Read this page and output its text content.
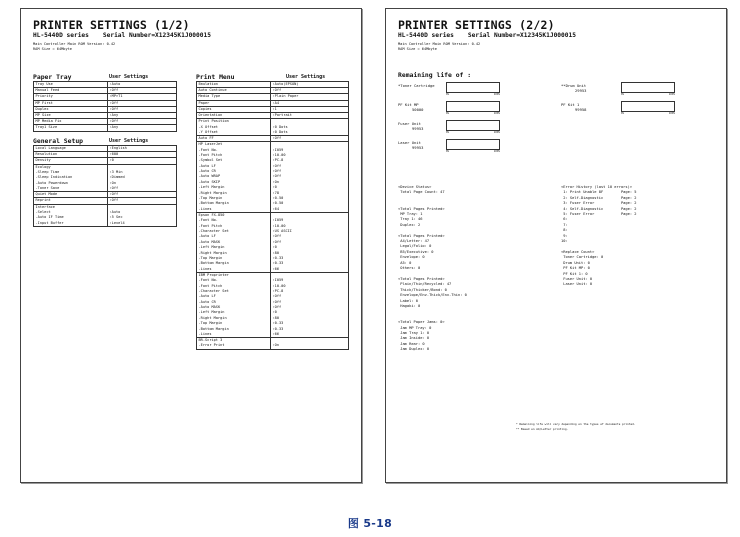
PRINTER SETTINGS (1/2)
HL-5440D series Serial Number=X12345K1J000015
Main Controller Main ROM Version: 0.42
RAM Size = 64Mbyte
Paper Tray	User Settings
Tray Use	:Auto
Manual Feed	:Off
Priority	:MP>T1
MP First	:Off
Duplex	:Off
MP Size	:Any
MP Media Fix	:Off
Tray1 Size	:Any
General Setup	User Settings
Local Language	:English
Resolution	:600
Density	:0
Ecology	
-Sleep Time	:3 Min
-Sleep Indication	:Dimmed
-Auto Powerdown	:On
-Toner Save	:Off
Quiet Mode	:Off
Reprint	:Off
Interface	
-Select	:Auto
-Auto IF Time	:5 Sec
-Input Buffer	:Level4
Print Menu	User Settings
Emulation	:Auto(EPSON)
Auto Continue	:Off
Media Type	:Plain Paper
Paper	:A4
Copies	:1
Orientation	:Portrait
Print Position	
-X Offset	:0 Dots
-Y Offset	:0 Dots
Auto FF	:Off
HP LaserJet	
-Font No.	:I059
-Font Pitch	:10.00
-Symbol Set	:PC-8
-Auto LF	:Off
-Auto CR	:Off
-Auto WRAP	:Off
-Auto SKIP	:On
-Left Margin	:0
-Right Margin	:78
-Top Margin	:0.50
-Bottom Margin	:0.50
-Lines	:64
Epson FX-850	
-Font No.	:I059
-Font Pitch	:10.00
-Character Set	:US ASCII
-Auto LF	:Off
-Auto MASK	:Off
-Left Margin	:0
-Right Margin	:80
-Top Margin	:0.33
-Bottom Margin	:0.33
-Lines	:66
IBM Proprinter	
-Font No.	:I059
-Font Pitch	:10.00
-Character Set	:PC-8
-Auto LF	:Off
-Auto CR	:Off
-Auto MASK	:Off
-Left Margin	:0
-Right Margin	:80
-Top Margin	:0.33
-Bottom Margin	:0.33
-Lines	:66
BR-Script 3	
-Error Print	:On
PRINTER SETTINGS (2/2)
HL-5440D series Serial Number=X12345K1J000015
Main Controller Main ROM Version: 0.42
RAM Size = 64Mbyte
Remaining life of :
*Toner Cartridge
0%	100%
**Drum Unit
29953
0%	100%
PF Kit MP
50000
0%	100%
PF Kit 1
99958
0%	100%
Fuser Unit
99953
0%	100%
Laser Unit
99953
0%	100%
<Device Status>
Total Page Count: 47

<Total Pages Printed>
MP Tray: 1
Tray 1: 46
Duplex: 2

<Total Pages Printed>
A4/Letter: 47
Legal/Folio: 0
B5/Executive: 0
Envelope: 0
A5: 0
Others: 0

<Total Pages Printed>
Plain/Thin/Recycled: 47
Thick/Thicker/Bond: 0
Envelope/Env.Thick/Env.Thin: 0
Label: 0
Hagaki: 0

<Total Paper Jams: 0>
Jam MP Tray: 0
Jam Tray 1: 0
Jam Inside: 0
Jam Rear: 0
Jam Duplex: 0
<Error History (last 10 errors)>
1: Print Unable 8F        Page: 5
2: Self-Diagnostic        Page: 2
3: Fuser Error            Page: 2
4: Self-Diagnostic        Page: 2
5: Fuser Error            Page: 2
6:
7:
8:
9:
10:

<Replace Count>
Toner Cartridge: 0
Drum Unit: 0
PF Kit MP: 0
PF Kit 1: 0
Fuser Unit: 0
Laser Unit: 0
* Remaining life will vary depending on the types of documents printed.
** Based on A4/Letter printing.
图 5-18
